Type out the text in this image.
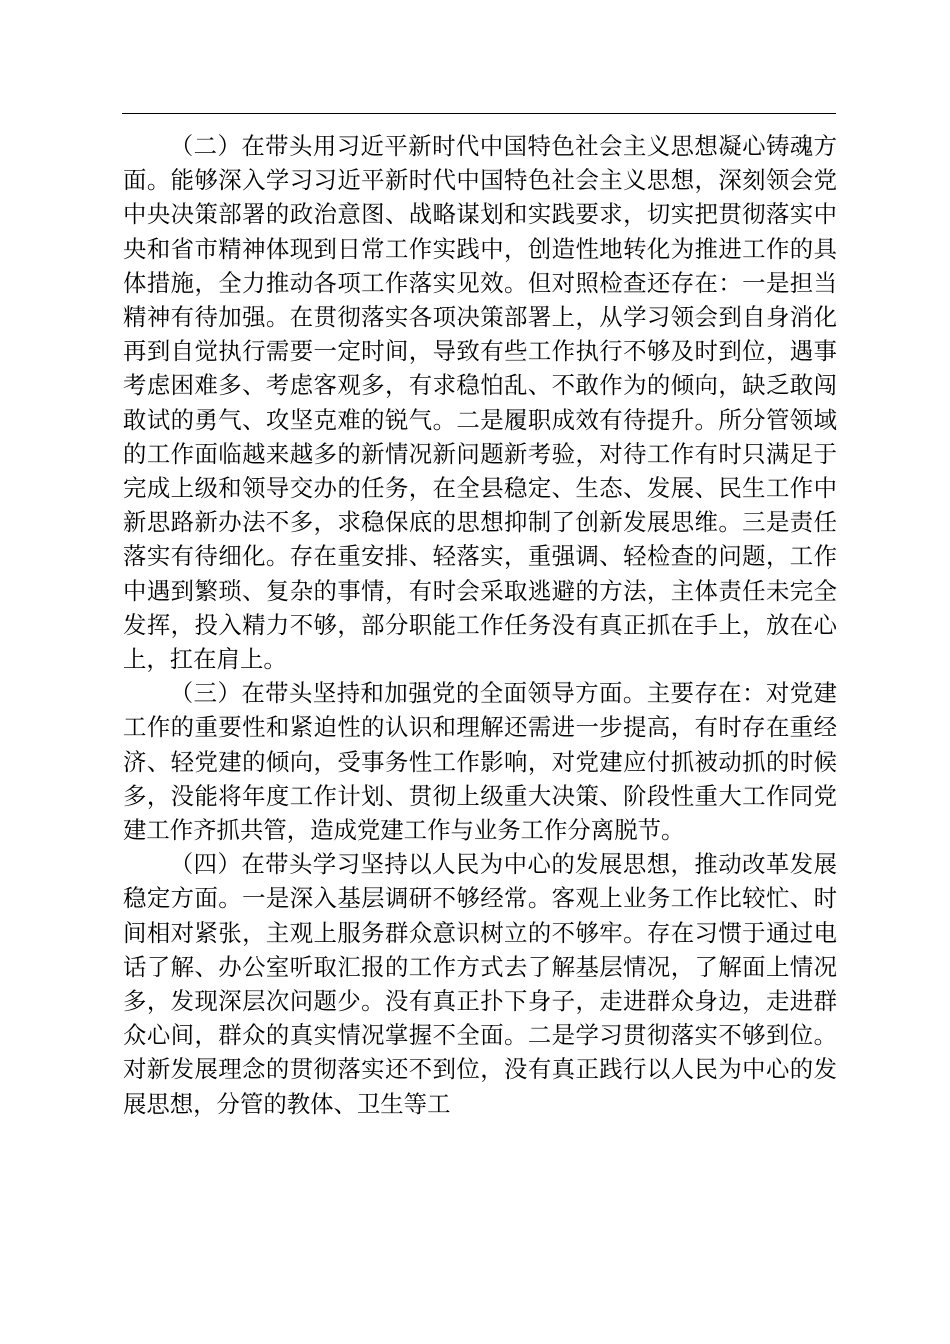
（二）在带头用习近平新时代中国特色社会主义思想凝心铸魂方面。能够深入学习习近平新时代中国特色社会主义思想，深刻领会党中央决策部署的政治意图、战略谋划和实践要求，切实把贯彻落实中央和省市精神体现到日常工作实践中，创造性地转化为推进工作的具体措施，全力推动各项工作落实见效。但对照检查还存在：一是担当精神有待加强。在贯彻落实各项决策部署上，从学习领会到自身消化再到自觉执行需要一定时间，导致有些工作执行不够及时到位，遇事考虑困难多、考虑客观多，有求稳怕乱、不敢作为的倾向，缺乏敢闯敢试的勇气、攻坚克难的锐气。二是履职成效有待提升。所分管领域的工作面临越来越多的新情况新问题新考验，对待工作有时只满足于完成上级和领导交办的任务，在全县稳定、生态、发展、民生工作中新思路新办法不多，求稳保底的思想抑制了创新发展思维。三是责任落实有待细化。存在重安排、轻落实，重强调、轻检查的问题，工作中遇到繁琐、复杂的事情，有时会采取逃避的方法，主体责任未完全发挥，投入精力不够，部分职能工作任务没有真正抓在手上，放在心上，扛在肩上。

（三）在带头坚持和加强党的全面领导方面。主要存在：对党建工作的重要性和紧迫性的认识和理解还需进一步提高，有时存在重经济、轻党建的倾向，受事务性工作影响，对党建应付抓被动抓的时候多，没能将年度工作计划、贯彻上级重大决策、阶段性重大工作同党建工作齐抓共管，造成党建工作与业务工作分离脱节。

（四）在带头学习坚持以人民为中心的发展思想，推动改革发展稳定方面。一是深入基层调研不够经常。客观上业务工作比较忙、时间相对紧张，主观上服务群众意识树立的不够牢。存在习惯于通过电话了解、办公室听取汇报的工作方式去了解基层情况，了解面上情况多，发现深层次问题少。没有真正扑下身子，走进群众身边，走进群众心间，群众的真实情况掌握不全面。二是学习贯彻落实不够到位。对新发展理念的贯彻落实还不到位，没有真正践行以人民为中心的发展思想，分管的教体、卫生等工
